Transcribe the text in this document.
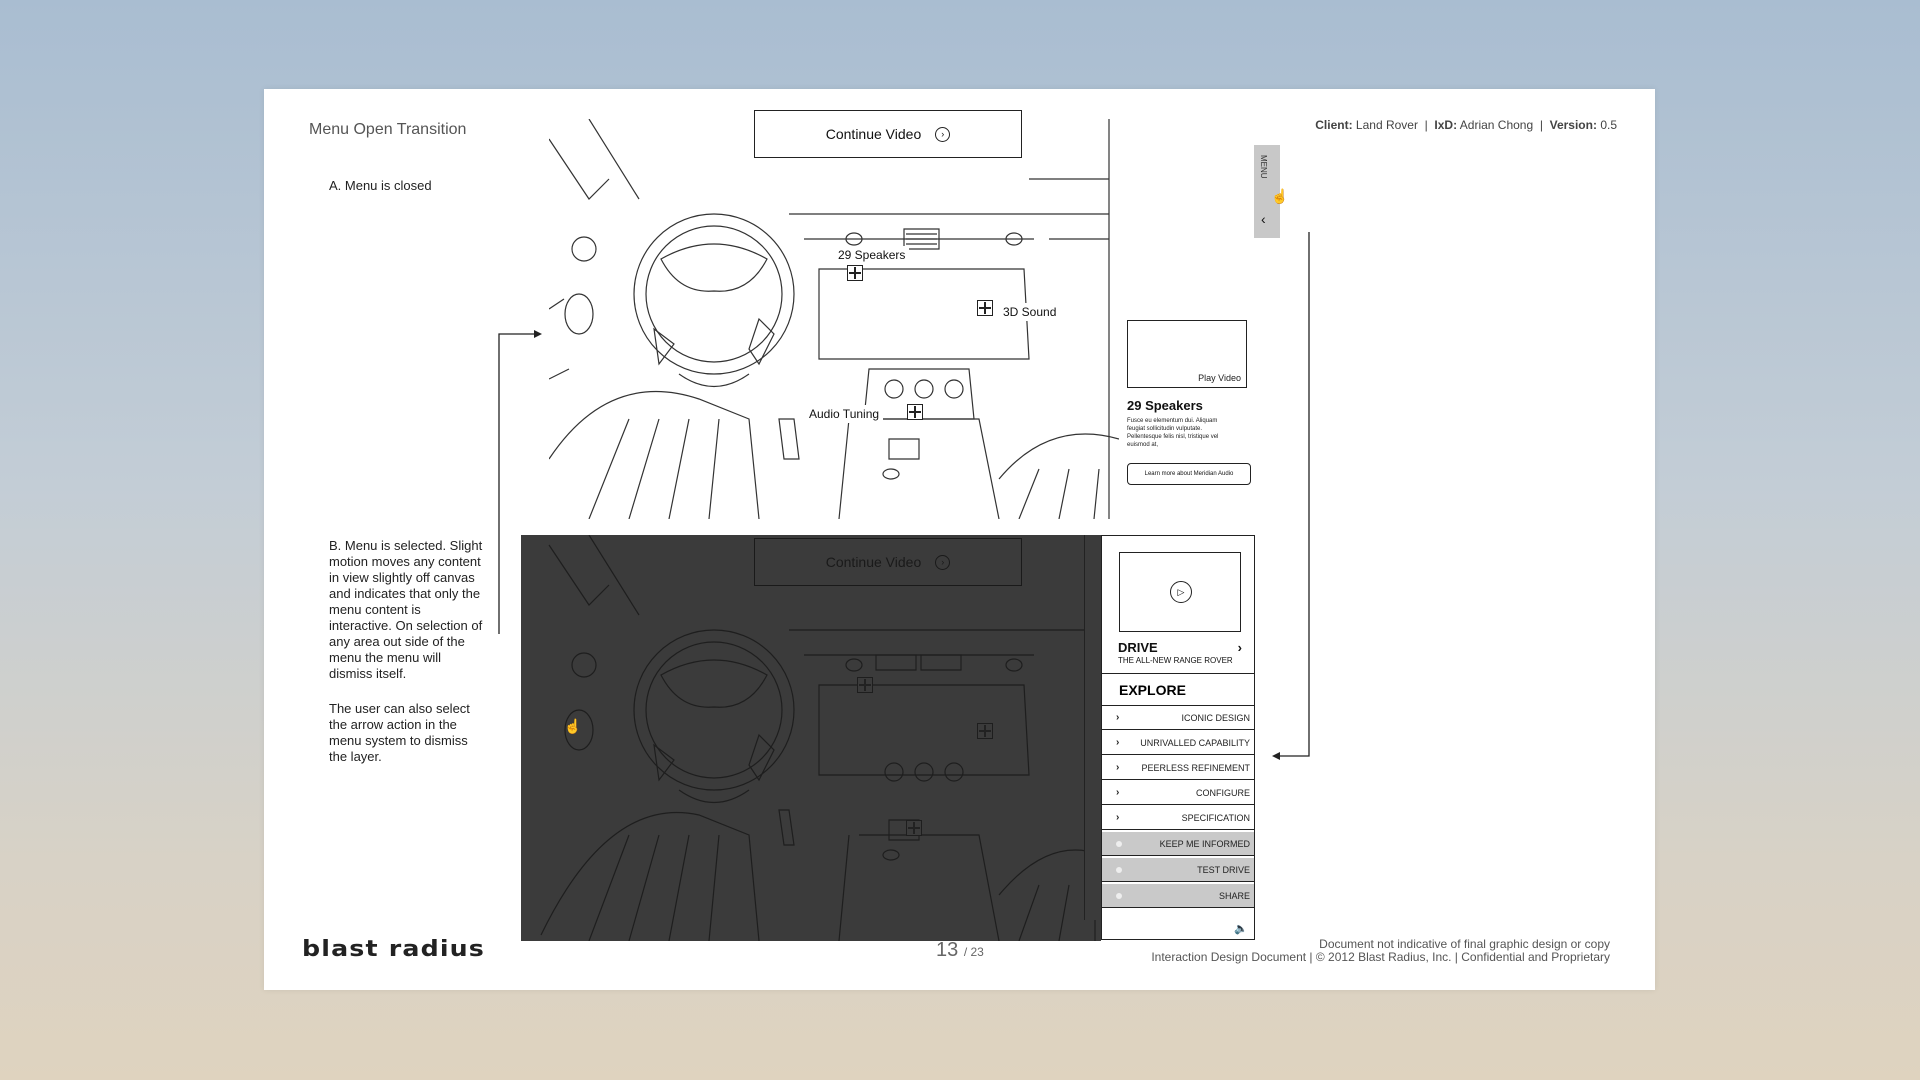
Menu Open Transition	Client: Land Rover  |  IxD: Adrian Chong  |  Version: 0.5
A. Menu is closed
B. Menu is selected. Slight motion moves any content in view slightly off canvas and indicates that only the menu content is interactive. On selection of any area out side of the menu the menu will dismiss itself.
The user can also select the arrow action in the menu system to dismiss the layer.
29 Speakers
3D Sound
Audio Tuning
Continue Video	›
MENU
‹
☝
Play Video
29 Speakers

Fusce eu elementum dui. Aliquam feugiat sollicitudin vulputate. Pellentesque felis nisl, tristique vel euismod at,

Learn more about Meridian Audio
☝
Continue Video	›
▷
DRIVE	›
THE ALL-NEW RANGE ROVER
EXPLORE
›	ICONIC DESIGN
› UNRIVALLED CAPABILITY
› PEERLESS REFINEMENT
›	CONFIGURE
›	SPECIFICATION
KEEP ME INFORMED
TEST DRIVE
SHARE
🔈
blast radius	13 / 23
Document not indicative of final graphic design or copy
Interaction Design Document | © 2012 Blast Radius, Inc. | Confidential and Proprietary
